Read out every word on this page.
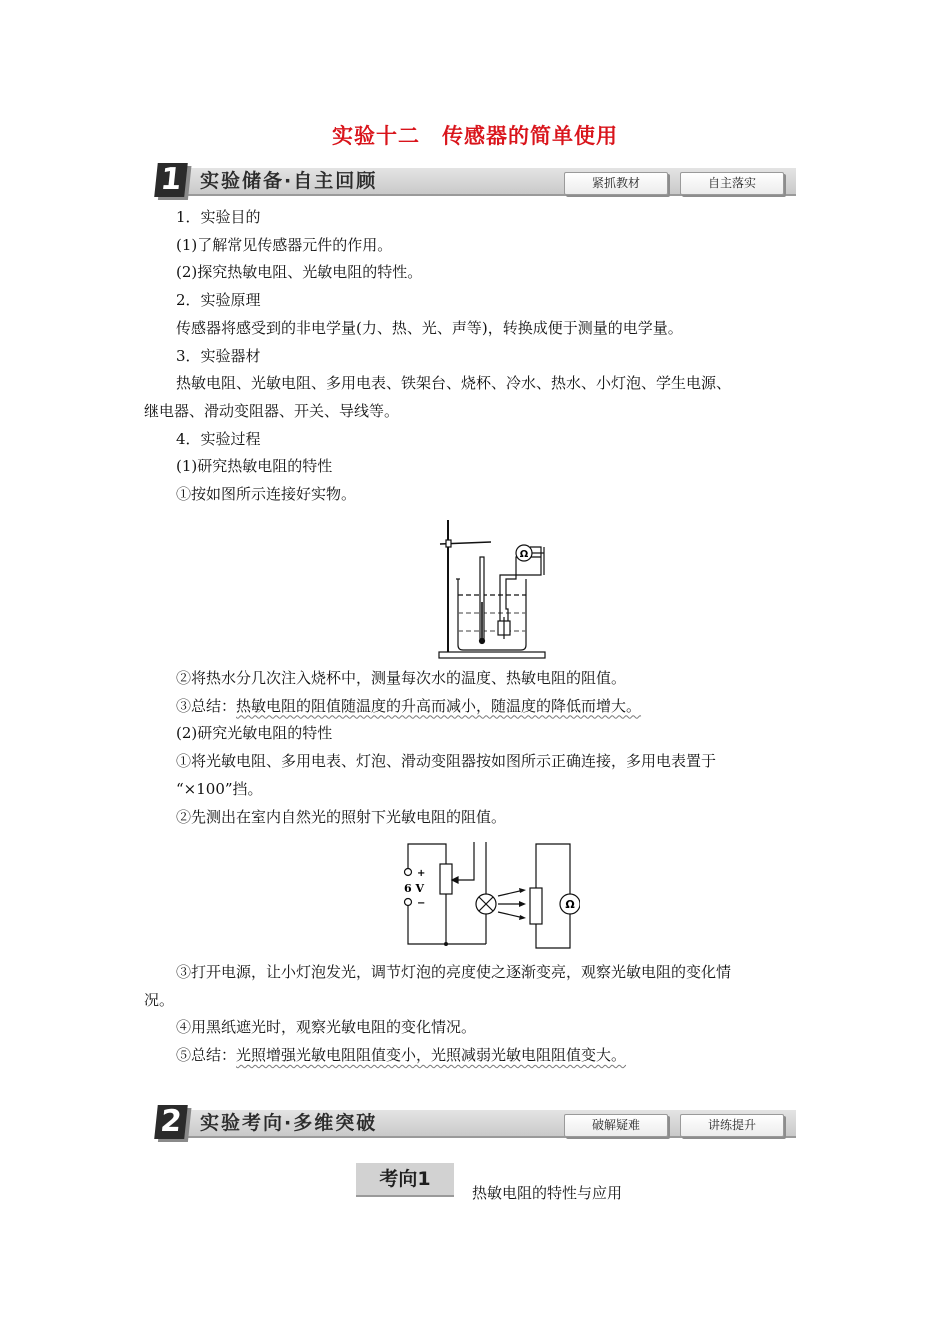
实验十二　传感器的简单使用
1 实验储备·自主回顾	紧抓教材	自主落实

1．实验目的

(1)了解常见传感器元件的作用。

(2)探究热敏电阻、光敏电阻的特性。

2．实验原理

传感器将感受到的非电学量(力、热、光、声等)，转换成便于测量的电学量。

3．实验器材

热敏电阻、光敏电阻、多用电表、铁架台、烧杯、冷水、热水、小灯泡、学生电源、

继电器、滑动变阻器、开关、导线等。

4．实验过程

(1)研究热敏电阻的特性

①按如图所示连接好实物。

Ω

②将热水分几次注入烧杯中，测量每次水的温度、热敏电阻的阻值。

③总结：热敏电阻的阻值随温度的升高而减小，随温度的降低而增大。

(2)研究光敏电阻的特性

①将光敏电阻、多用电表、灯泡、滑动变阻器按如图所示正确连接，多用电表置于

“×100”挡。

②先测出在室内自然光的照射下光敏电阻的阻值。

+
6 V
−	Ω

③打开电源，让小灯泡发光，调节灯泡的亮度使之逐渐变亮，观察光敏电阻的变化情

况。

④用黑纸遮光时，观察光敏电阻的变化情况。

⑤总结：光照增强光敏电阻阻值变小，光照减弱光敏电阻阻值变大。

2 实验考向·多维突破	破解疑难	讲练提升
考向1
热敏电阻的特性与应用
